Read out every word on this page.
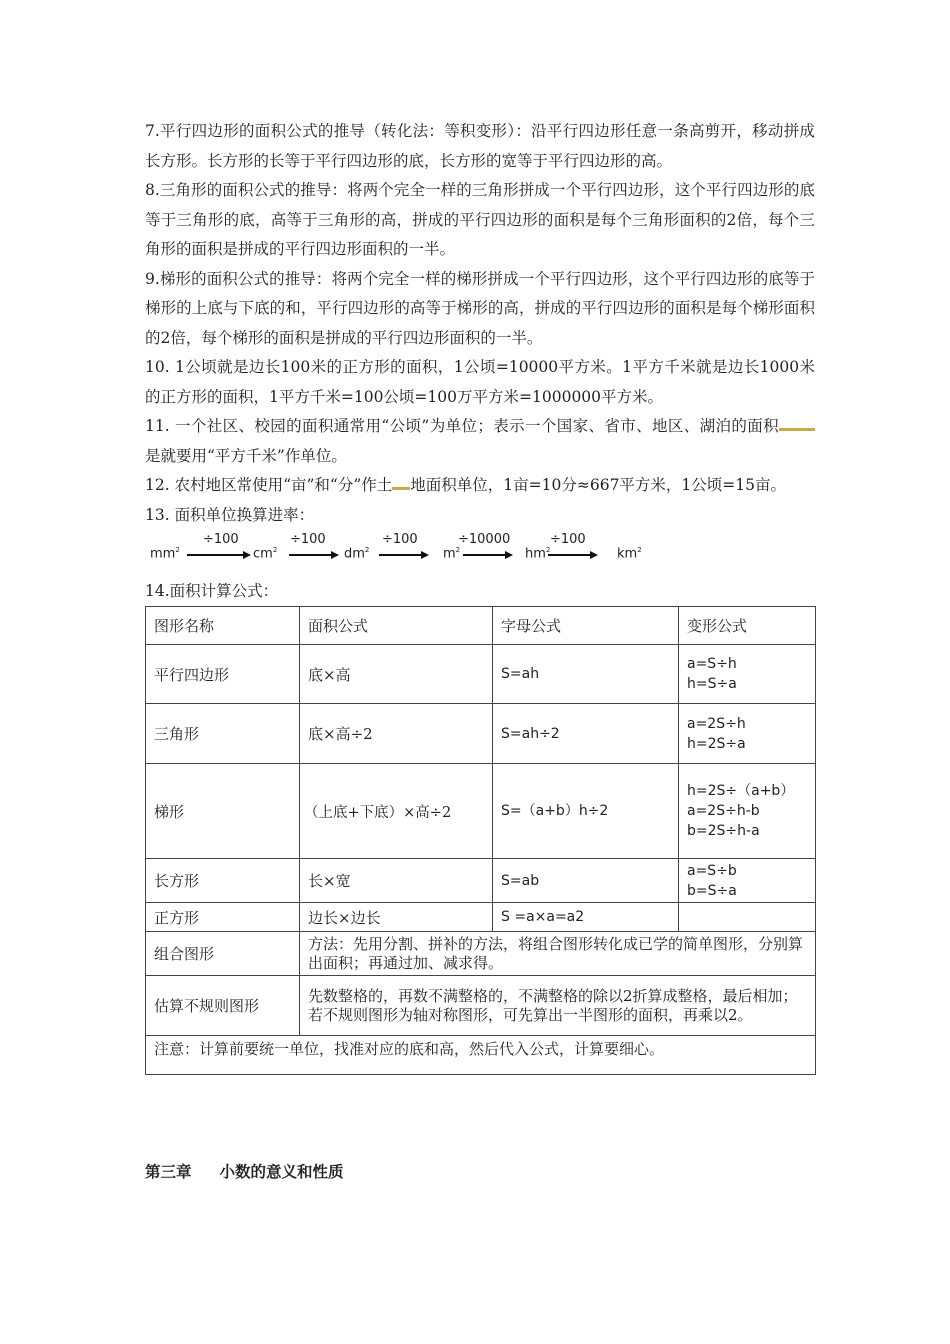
7.平行四边形的面积公式的推导（转化法：等积变形）：沿平行四边形任意一条高剪开，移动拼成长方形。长方形的长等于平行四边形的底，长方形的宽等于平行四边形的高。

8.三角形的面积公式的推导：将两个完全一样的三角形拼成一个平行四边形，这个平行四边形的底等于三角形的底，高等于三角形的高，拼成的平行四边形的面积是每个三角形面积的2倍，每个三角形的面积是拼成的平行四边形面积的一半。

9.梯形的面积公式的推导：将两个完全一样的梯形拼成一个平行四边形，这个平行四边形的底等于梯形的上底与下底的和，平行四边形的高等于梯形的高，拼成的平行四边形的面积是每个梯形面积的2倍，每个梯形的面积是拼成的平行四边形面积的一半。

10. 1公顷就是边长100米的正方形的面积，1公顷=10000平方米。1平方千米就是边长1000米的正方形的面积，1平方千米=100公顷=100万平方米=1000000平方米。

11. 一个社区、校园的面积通常用“公顷”为单位；表示一个国家、省市、地区、湖泊的面积是就要用“平方千米”作单位。

12. 农村地区常使用“亩”和“分”作土 地面积单位，1亩=10分≈667平方米，1公顷=15亩。

13. 面积单位换算进率：

$mm^2$
÷100
$cm^2$
÷100
$dm^2$
÷100
$m^2$
÷10000
$hm^2$
÷100
$km^2$

14.面积计算公式：

图形名称	面积公式	字母公式	变形公式
平行四边形	底×高	S=ah	a=S÷h
h=S÷a

三角形	底×高÷2	S=ah÷2	a=2S÷h
h=2S÷a

梯形	（上底+下底）×高÷2	S=（a+b）h÷2	h=2S÷（a+b）
a=2S÷h-b
b=2S÷h-a

长方形	长×宽	S=ab	a=S÷b
b=S÷a

正方形	边长×边长	S =a×a=a2	
组合图形	方法：先用分割、拼补的方法，将组合图形转化成已学的简单图形，分别算出面积；再通过加、减求得。		
估算不规则图形	先数整格的，再数不满整格的，不满整格的除以2折算成整格，最后相加；若不规则图形为轴对称图形，可先算出一半图形的面积，再乘以2。		
注意：计算前要统一单位，找准对应的底和高，然后代入公式，计算要细心。			
第三章 小数的意义和性质
